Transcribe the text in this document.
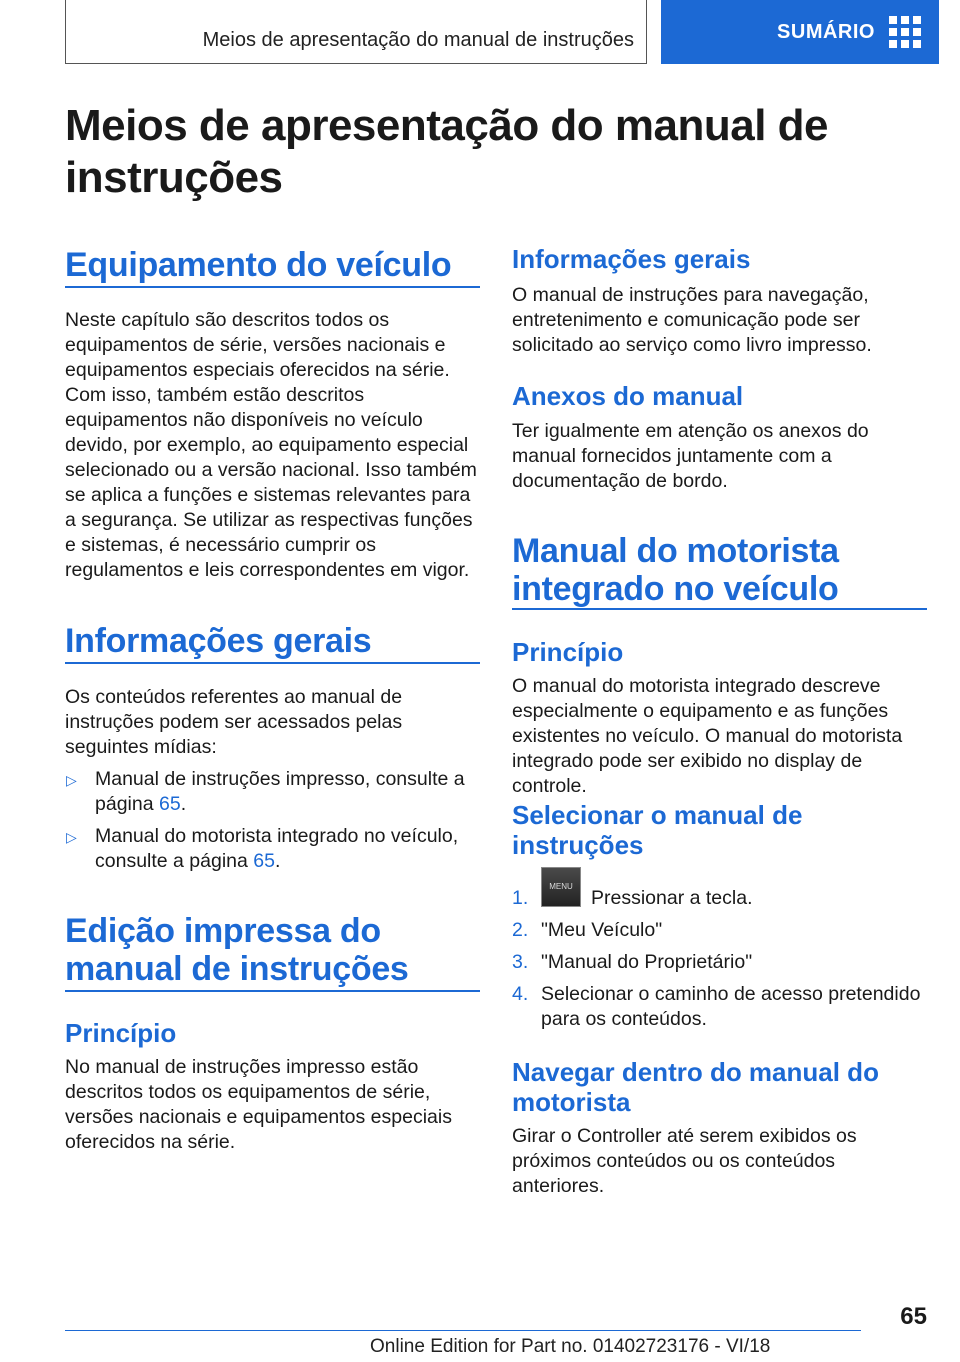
Meios de apresentação do manual de instruções	SUMÁRIO
Meios de apresentação do manual de instruções
Equipamento do veículo

Neste capítulo são descritos todos os equipamentos de série, versões nacionais e equipamentos especiais oferecidos na série. Com isso, também estão descritos equipamentos não disponíveis no veículo devido, por exemplo, ao equipamento especial selecionado ou a versão nacional. Isso também se aplica a funções e sistemas relevantes para a segurança. Se utilizar as respectivas funções e sistemas, é necessário cumprir os regulamentos e leis correspondentes em vigor.

Informações gerais

Os conteúdos referentes ao manual de instruções podem ser acessados pelas seguintes mídias:

▷ Manual de instruções impresso, consulte a página 65.

▷ Manual do motorista integrado no veículo, consulte a página 65.

Edição impressa do manual de instruções
Princípio

No manual de instruções impresso estão descritos todos os equipamentos de série, versões nacionais e equipamentos especiais oferecidos na série.

Informações gerais

O manual de instruções para navegação, entretenimento e comunicação pode ser solicitado ao serviço como livro impresso.

Anexos do manual

Ter igualmente em atenção os anexos do manual fornecidos juntamente com a documentação de bordo.

Manual do motorista integrado no veículo
Princípio

O manual do motorista integrado descreve especialmente o equipamento e as funções existentes no veículo. O manual do motorista integrado pode ser exibido no display de controle.

Selecionar o manual de instruções
1.
MENU
Pressionar a tecla.
2. "Meu Veículo"
3. "Manual do Proprietário"
4. Selecionar o caminho de acesso pretendido para os conteúdos.
Navegar dentro do manual do motorista

Girar o Controller até serem exibidos os próximos conteúdos ou os conteúdos anteriores.

65
Online Edition for Part no. 01402723176 - VI/18
